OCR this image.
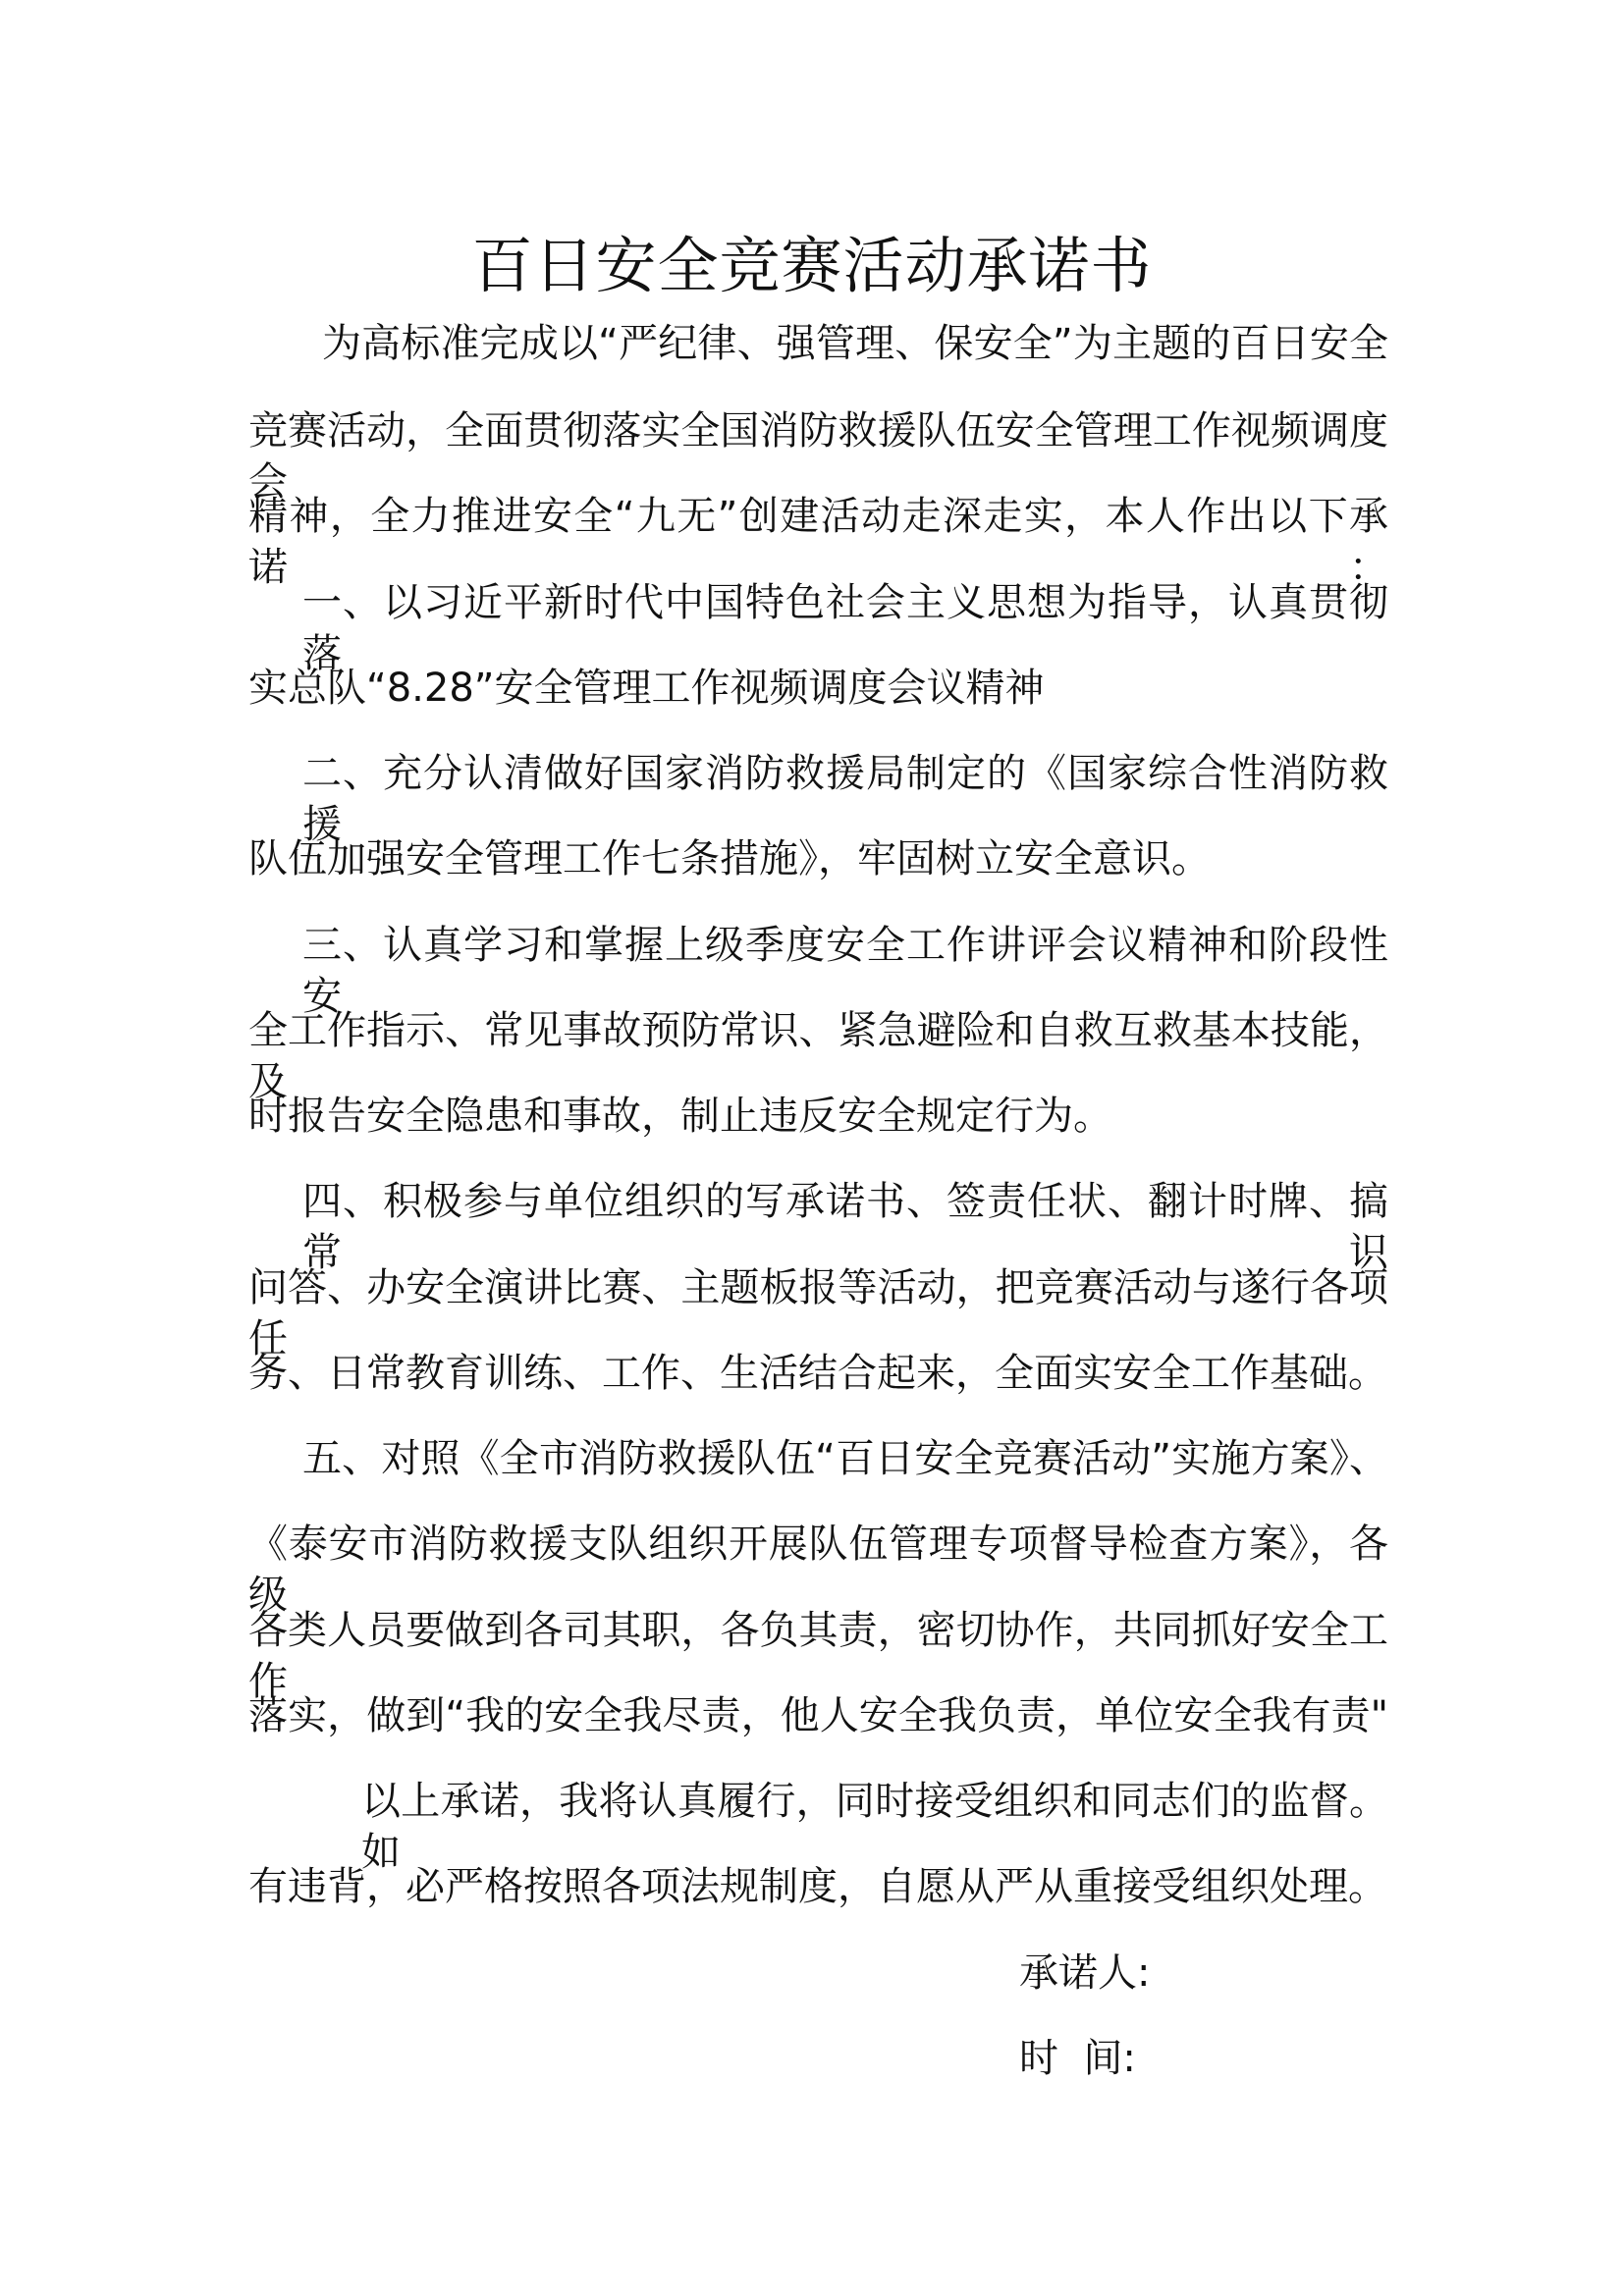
百日安全竞赛活动承诺书
为高标准完成以“严纪律、强管理、保安全”为主题的百日安全
竞赛活动，全面贯彻落实全国消防救援队伍安全管理工作视频调度会
精神，全力推进安全“九无”创建活动走深走实，本人作出以下承诺：
一、以习近平新时代中国特色社会主义思想为指导，认真贯彻落
实总队“8.28”安全管理工作视频调度会议精神
二、充分认清做好国家消防救援局制定的《国家综合性消防救援
队伍加强安全管理工作七条措施》，牢固树立安全意识。
三、认真学习和掌握上级季度安全工作讲评会议精神和阶段性安
全工作指示、常见事故预防常识、紧急避险和自救互救基本技能，及
时报告安全隐患和事故，制止违反安全规定行为。
四、积极参与单位组织的写承诺书、签责任状、翻计时牌、搞常识
问答、办安全演讲比赛、主题板报等活动，把竞赛活动与遂行各项任
务、日常教育训练、工作、生活结合起来，全面实安全工作基础。
五、对照《全市消防救援队伍“百日安全竞赛活动”实施方案》、
《泰安市消防救援支队组织开展队伍管理专项督导检查方案》，各级
各类人员要做到各司其职，各负其责，密切协作，共同抓好安全工作
落实，做到“我的安全我尽责，他人安全我负责，单位安全我有责"
以上承诺，我将认真履行，同时接受组织和同志们的监督。如
有违背，必严格按照各项法规制度，自愿从严从重接受组织处理。
承诺人:
时  间:
